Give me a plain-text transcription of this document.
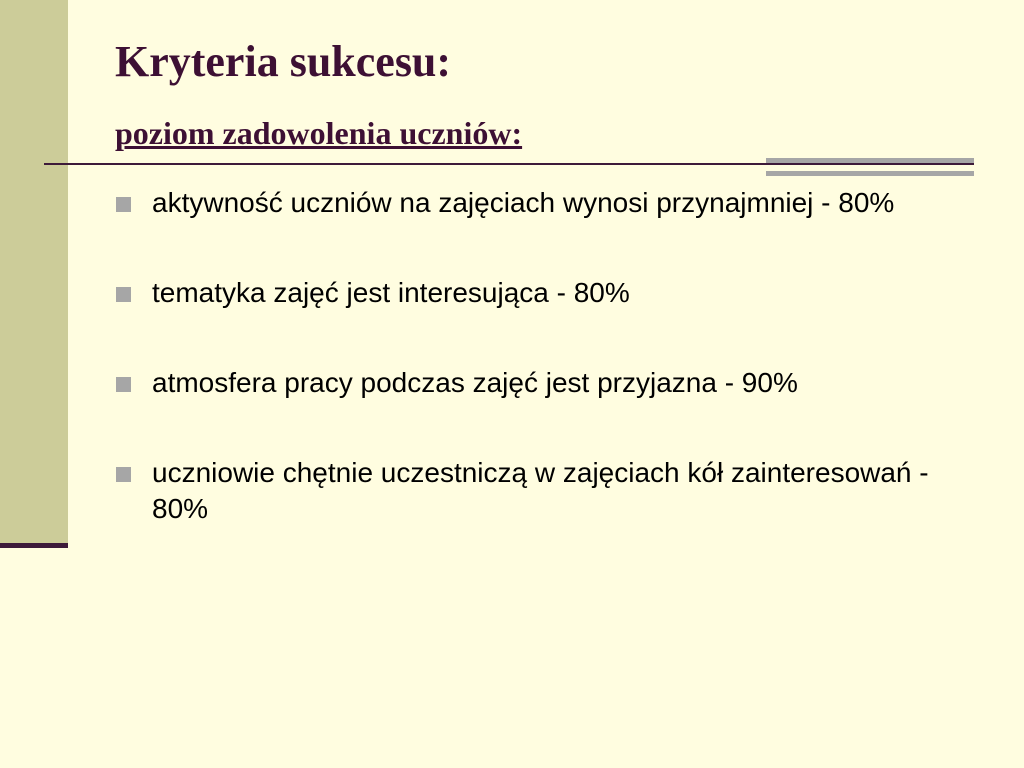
Kryteria sukcesu:
poziom zadowolenia uczniów:
aktywność uczniów na zajęciach wynosi przynajmniej - 80%
tematyka zajęć jest interesująca - 80%
atmosfera pracy podczas zajęć jest przyjazna - 90%
uczniowie chętnie uczestniczą w zajęciach kół zainteresowań - 80%
